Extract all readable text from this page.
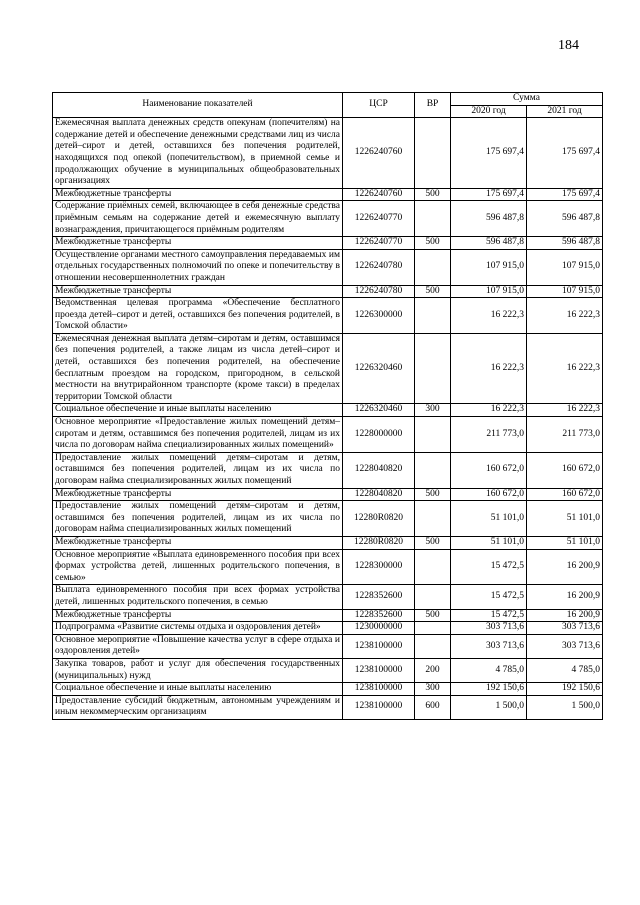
184
Наименование показателей	ЦСР	ВР	Сумма	
			2020 год	2021 год
Ежемесячная выплата денежных средств опекунам (попечителям) на содержание детей и обеспечение денежными средствами лиц из числа детей–сирот и детей, оставшихся без попечения родителей, находящихся под опекой (попечительством), в приемной семье и продолжающих обучение в муниципальных общеобразовательных организациях	1226240760		175 697,4	175 697,4
Межбюджетные трансферты	1226240760	500	175 697,4	175 697,4
Содержание приёмных семей, включающее в себя денежные средства приёмным семьям на содержание детей и ежемесячную выплату вознаграждения, причитающегося приёмным родителям	1226240770		596 487,8	596 487,8
Межбюджетные трансферты	1226240770	500	596 487,8	596 487,8
Осуществление органами местного самоуправления передаваемых им отдельных государственных полномочий по опеке и попечительству в отношении несовершеннолетних граждан	1226240780		107 915,0	107 915,0
Межбюджетные трансферты	1226240780	500	107 915,0	107 915,0
Ведомственная целевая программа «Обеспечение бесплатного проезда детей–сирот и детей, оставшихся без попечения родителей, в Томской области»	1226300000		16 222,3	16 222,3
Ежемесячная денежная выплата детям–сиротам и детям, оставшимся без попечения родителей, а также лицам из числа детей–сирот и детей, оставшихся без попечения родителей, на обеспечение бесплатным проездом на городском, пригородном, в сельской местности на внутрирайонном транспорте (кроме такси) в пределах территории Томской области	1226320460		16 222,3	16 222,3
Социальное обеспечение и иные выплаты населению	1226320460	300	16 222,3	16 222,3
Основное мероприятие «Предоставление жилых помещений детям–сиротам и детям, оставшимся без попечения родителей, лицам из их числа по договорам найма специализированных жилых помещений»	1228000000		211 773,0	211 773,0
Предоставление жилых помещений детям–сиротам и детям, оставшимся без попечения родителей, лицам из их числа по договорам найма специализированных жилых помещений	1228040820		160 672,0	160 672,0
Межбюджетные трансферты	1228040820	500	160 672,0	160 672,0
Предоставление жилых помещений детям–сиротам и детям, оставшимся без попечения родителей, лицам из их числа по договорам найма специализированных жилых помещений	12280R0820		51 101,0	51 101,0
Межбюджетные трансферты	12280R0820	500	51 101,0	51 101,0
Основное мероприятие «Выплата единовременного пособия при всех формах устройства детей, лишенных родительского попечения, в семью»	1228300000		15 472,5	16 200,9
Выплата единовременного пособия при всех формах устройства детей, лишенных родительского попечения, в семью	1228352600		15 472,5	16 200,9
Межбюджетные трансферты	1228352600	500	15 472,5	16 200,9
Подпрограмма «Развитие системы отдыха и оздоровления детей»	1230000000		303 713,6	303 713,6
Основное мероприятие «Повышение качества услуг в сфере отдыха и оздоровления детей»	1238100000		303 713,6	303 713,6
Закупка товаров, работ и услуг для обеспечения государственных (муниципальных) нужд	1238100000	200	4 785,0	4 785,0
Социальное обеспечение и иные выплаты населению	1238100000	300	192 150,6	192 150,6
Предоставление субсидий бюджетным, автономным учреждениям и иным некоммерческим организациям	1238100000	600	1 500,0	1 500,0
